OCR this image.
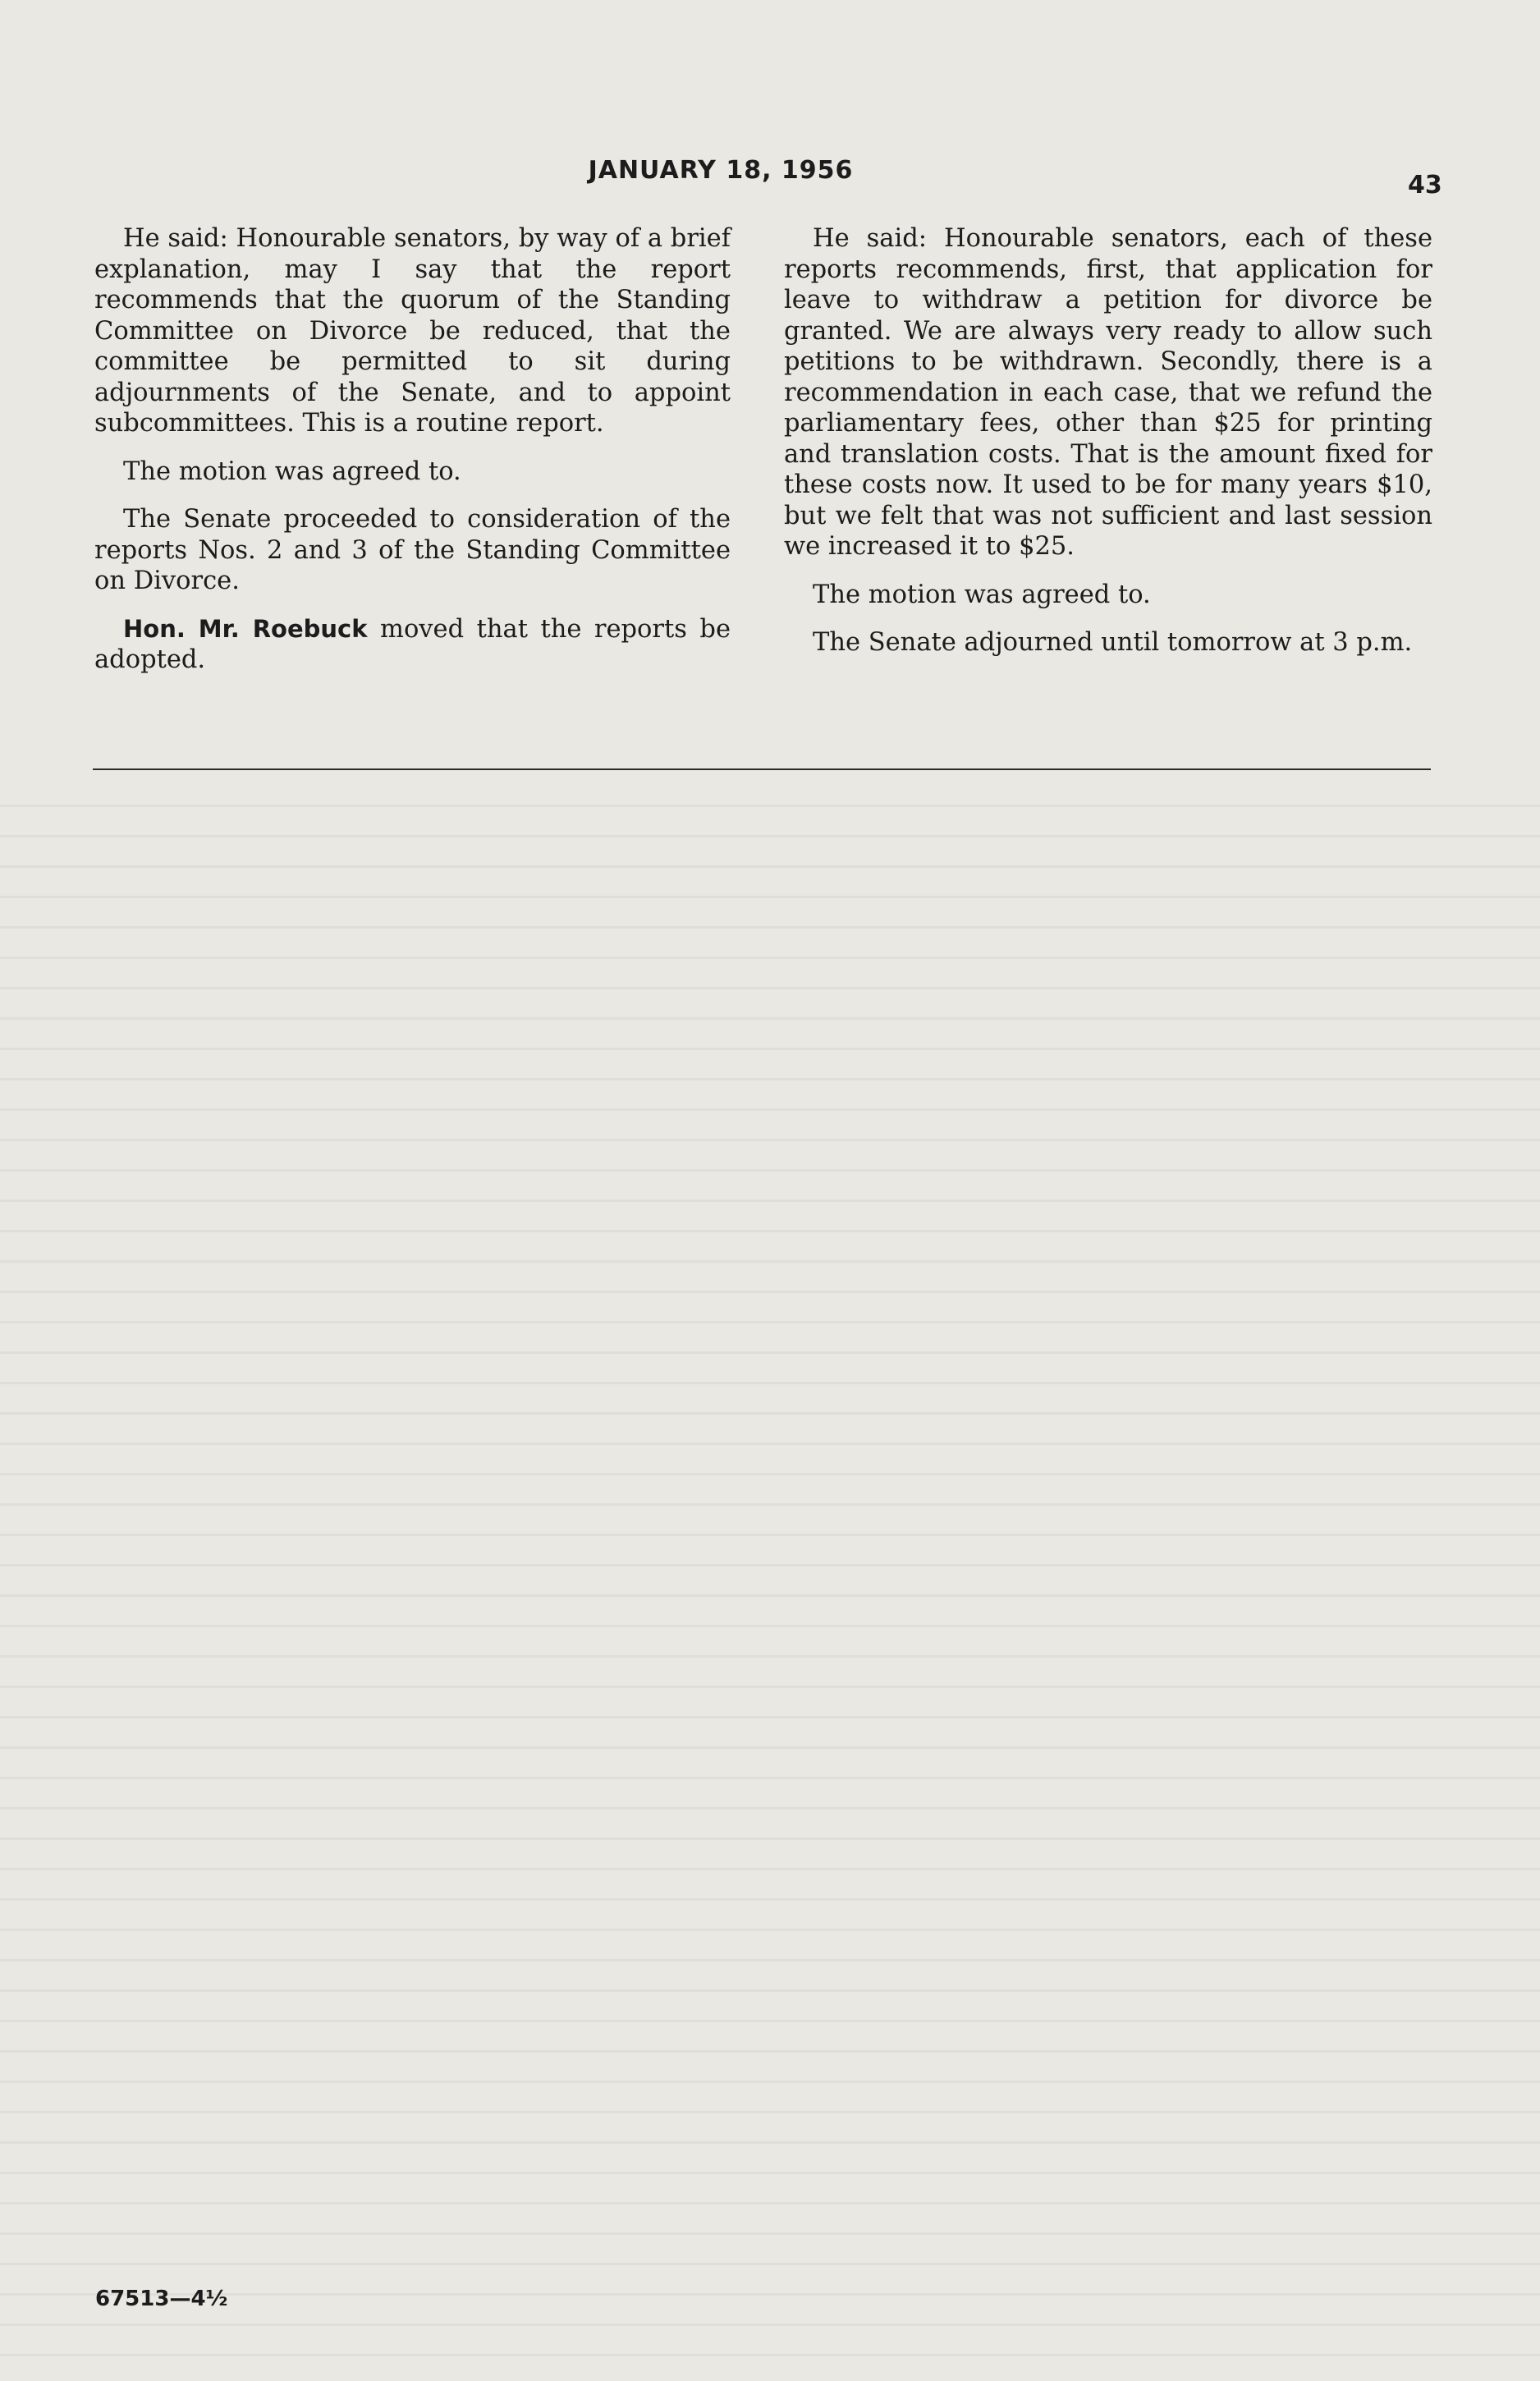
JANUARY 18, 1956
43

He said: Honourable senators, by way of a brief explanation, may I say that the report recommends that the quorum of the Standing Committee on Divorce be reduced, that the committee be permitted to sit during adjournments of the Senate, and to appoint subcommittees. This is a routine report.

The motion was agreed to.

The Senate proceeded to consideration of the reports Nos. 2 and 3 of the Standing Committee on Divorce.

Hon. Mr. Roebuck moved that the reports be adopted.

He said: Honourable senators, each of these reports recommends, first, that application for leave to withdraw a petition for divorce be granted. We are always very ready to allow such petitions to be withdrawn. Secondly, there is a recommendation in each case, that we refund the parliamentary fees, other than $25 for printing and translation costs. That is the amount fixed for these costs now. It used to be for many years $10, but we felt that was not sufficient and last session we increased it to $25.

The motion was agreed to.

The Senate adjourned until tomorrow at 3 p.m.

67513—4½
